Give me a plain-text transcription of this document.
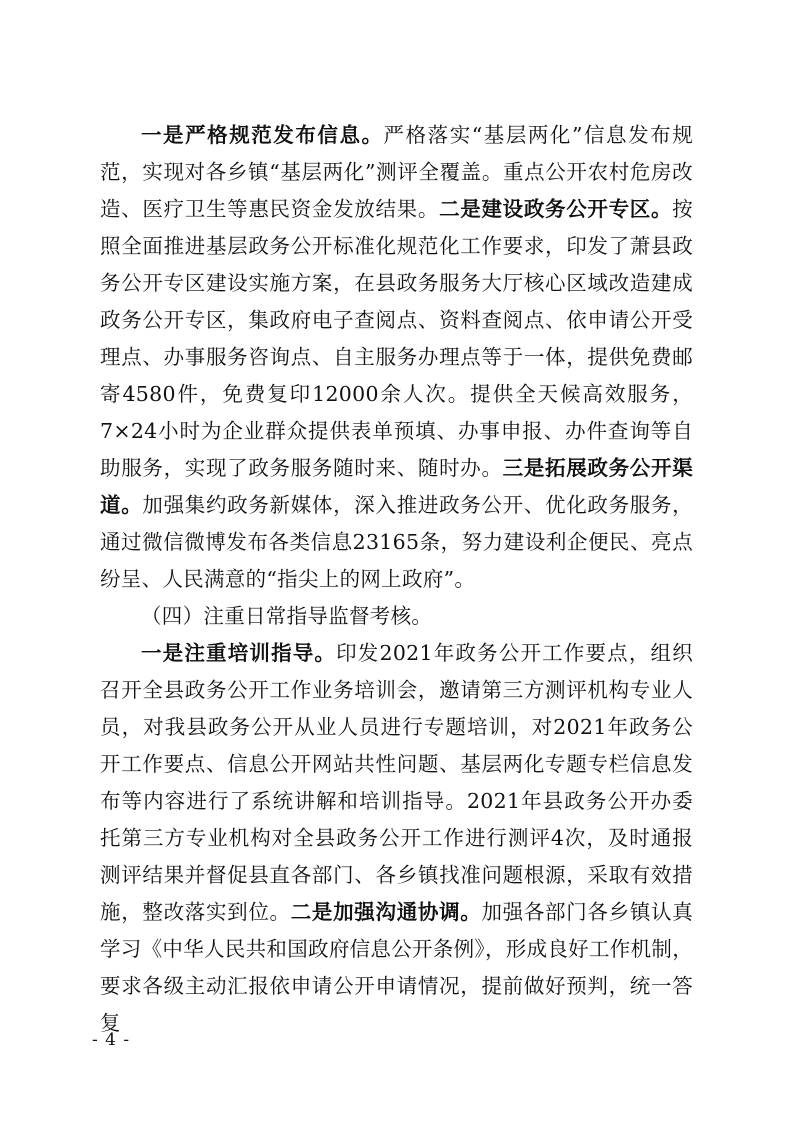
一是严格规范发布信息。严格落实“基层两化”信息发布规范，实现对各乡镇“基层两化”测评全覆盖。重点公开农村危房改造、医疗卫生等惠民资金发放结果。二是建设政务公开专区。按照全面推进基层政务公开标准化规范化工作要求，印发了萧县政务公开专区建设实施方案，在县政务服务大厅核心区域改造建成政务公开专区，集政府电子查阅点、资料查阅点、依申请公开受理点、办事服务咨询点、自主服务办理点等于一体，提供免费邮寄4580件，免费复印12000余人次。提供全天候高效服务，7×24小时为企业群众提供表单预填、办事申报、办件查询等自助服务，实现了政务服务随时来、随时办。三是拓展政务公开渠道。加强集约政务新媒体，深入推进政务公开、优化政务服务，通过微信微博发布各类信息23165条，努力建设利企便民、亮点纷呈、人民满意的“指尖上的网上政府”。

（四）注重日常指导监督考核。

一是注重培训指导。印发2021年政务公开工作要点，组织召开全县政务公开工作业务培训会，邀请第三方测评机构专业人员，对我县政务公开从业人员进行专题培训，对2021年政务公开工作要点、信息公开网站共性问题、基层两化专题专栏信息发布等内容进行了系统讲解和培训指导。2021年县政务公开办委托第三方专业机构对全县政务公开工作进行测评4次，及时通报测评结果并督促县直各部门、各乡镇找准问题根源，采取有效措施，整改落实到位。二是加强沟通协调。加强各部门各乡镇认真学习《中华人民共和国政府信息公开条例》，形成良好工作机制，要求各级主动汇报依申请公开申请情况，提前做好预判，统一答复

- 4 -
